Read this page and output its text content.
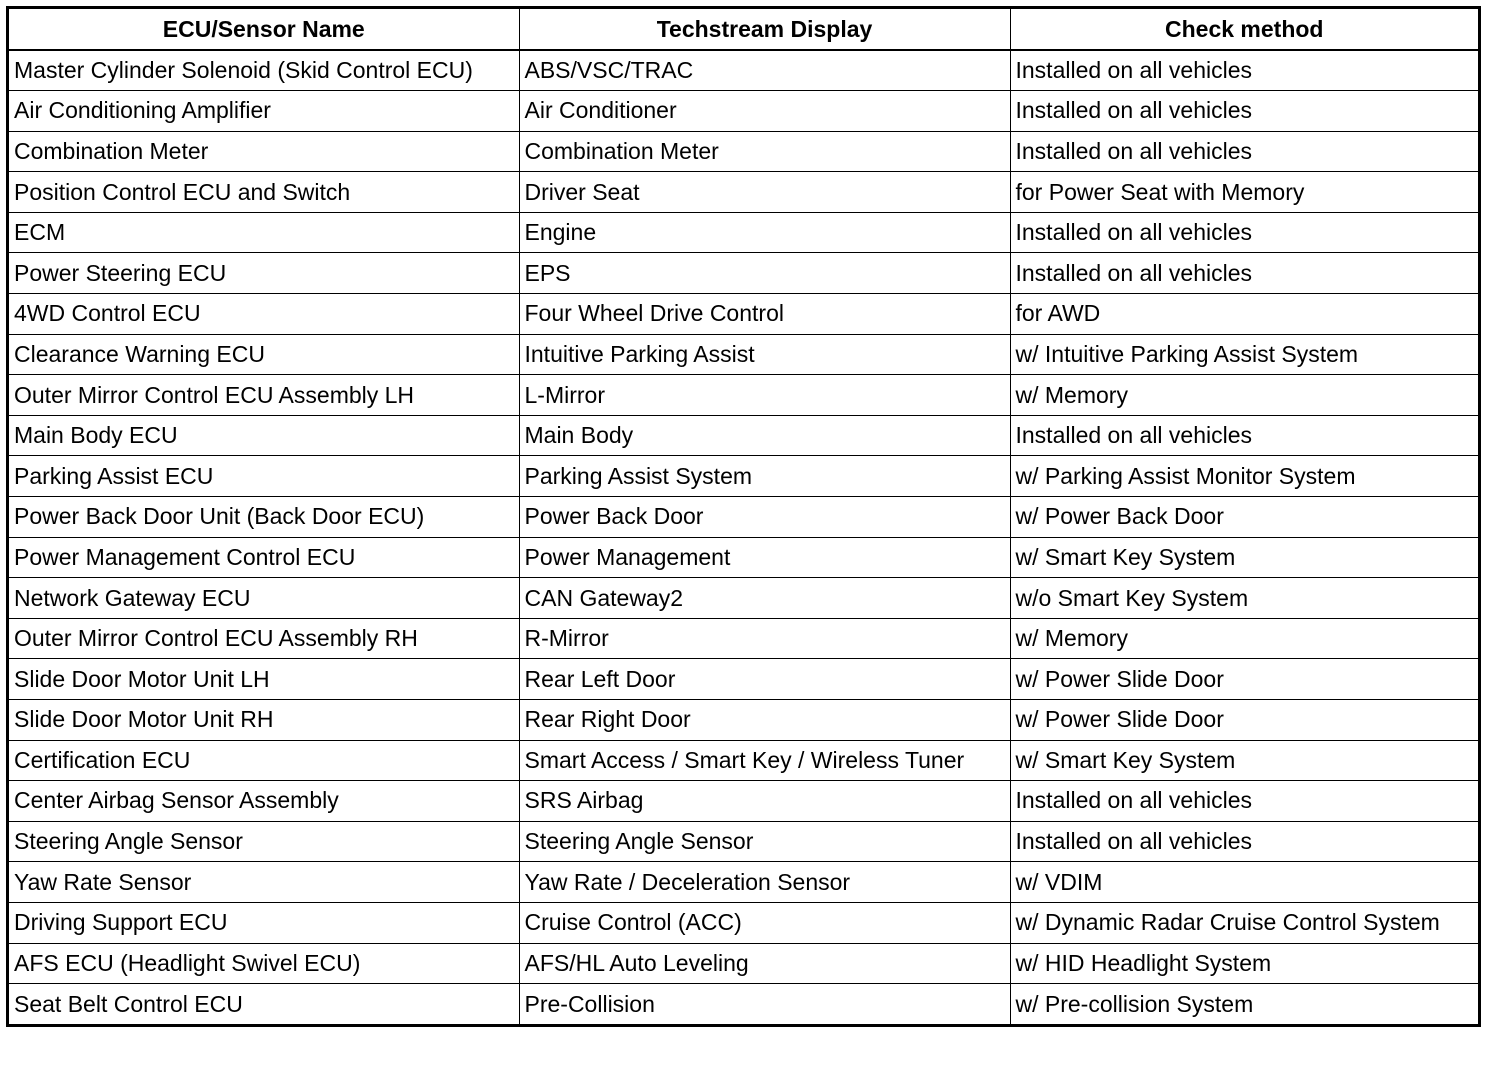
ECU/Sensor Name	Techstream Display	Check method
Master Cylinder Solenoid (Skid Control ECU)	ABS/VSC/TRAC	Installed on all vehicles
Air Conditioning Amplifier	Air Conditioner	Installed on all vehicles
Combination Meter	Combination Meter	Installed on all vehicles
Position Control ECU and Switch	Driver Seat	for Power Seat with Memory
ECM	Engine	Installed on all vehicles
Power Steering ECU	EPS	Installed on all vehicles
4WD Control ECU	Four Wheel Drive Control	for AWD
Clearance Warning ECU	Intuitive Parking Assist	w/ Intuitive Parking Assist System
Outer Mirror Control ECU Assembly LH	L-Mirror	w/ Memory
Main Body ECU	Main Body	Installed on all vehicles
Parking Assist ECU	Parking Assist System	w/ Parking Assist Monitor System
Power Back Door Unit (Back Door ECU)	Power Back Door	w/ Power Back Door
Power Management Control ECU	Power Management	w/ Smart Key System
Network Gateway ECU	CAN Gateway2	w/o Smart Key System
Outer Mirror Control ECU Assembly RH	R-Mirror	w/ Memory
Slide Door Motor Unit LH	Rear Left Door	w/ Power Slide Door
Slide Door Motor Unit RH	Rear Right Door	w/ Power Slide Door
Certification ECU	Smart Access / Smart Key / Wireless Tuner	w/ Smart Key System
Center Airbag Sensor Assembly	SRS Airbag	Installed on all vehicles
Steering Angle Sensor	Steering Angle Sensor	Installed on all vehicles
Yaw Rate Sensor	Yaw Rate / Deceleration Sensor	w/ VDIM
Driving Support ECU	Cruise Control (ACC)	w/ Dynamic Radar Cruise Control System
AFS ECU (Headlight Swivel ECU)	AFS/HL Auto Leveling	w/ HID Headlight System
Seat Belt Control ECU	Pre-Collision	w/ Pre-collision System
